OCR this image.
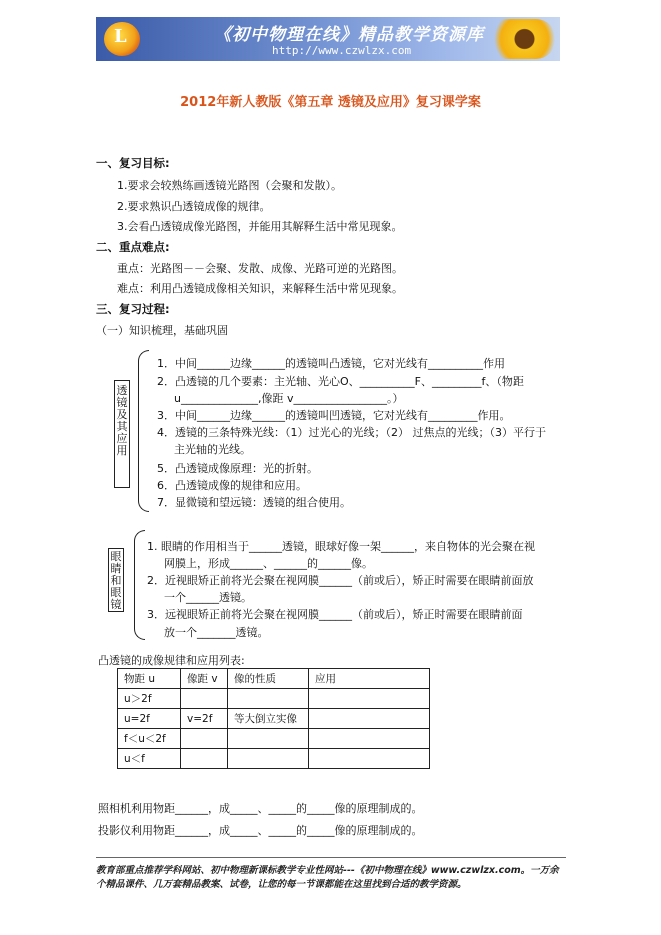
L	《初中物理在线》精品教学资源库
http://www.czwlzx.com
2012年新人教版《第五章 透镜及应用》复习课学案
一、复习目标:
1.要求会较熟练画透镜光路图（会聚和发散）。
2.要求熟识凸透镜成像的规律。
3.会看凸透镜成像光路图，并能用其解释生活中常见现象。
二、重点难点:
重点：光路图－－会聚、发散、成像、光路可逆的光路图。
难点：利用凸透镜成像相关知识，来解释生活中常见现象。
三、复习过程:
（一）知识梳理，基础巩固
透镜及其应用
1．中间______边缘______的透镜叫凸透镜，它对光线有__________作用
2．凸透镜的几个要素：主光轴、光心O、__________F、_________f、（物距
u______________,像距 v_________________。）
3．中间______边缘______的透镜叫凹透镜，它对光线有_________作用。
4．透镜的三条特殊光线：（1）过光心的光线；（2） 过焦点的光线；（3）平行于
主光轴的光线。
5．凸透镜成像原理：光的折射。
6．凸透镜成像的规律和应用。
7．显微镜和望远镜：透镜的组合使用。
眼睛和眼镜
1. 眼睛的作用相当于______透镜，眼球好像一架______，来自物体的光会聚在视
网膜上，形成______、______的______像。
2．近视眼矫正前将光会聚在视网膜______（前或后），矫正时需要在眼睛前面放
一个______透镜。
3．远视眼矫正前将光会聚在视网膜______（前或后），矫正时需要在眼睛前面
放一个_______透镜。
凸透镜的成像规律和应用列表:
物距 u	像距 v	像的性质	应用
u＞2f			
u=2f	v=2f	等大倒立实像	
f＜u＜2f			
u＜f			
照相机利用物距______，成_____、_____的_____像的原理制成的。
投影仪利用物距______，成_____、_____的_____像的原理制成的。
教育部重点推荐学科网站、初中物理新课标教学专业性网站---《初中物理在线》www.czwlzx.com。一万余
个精品课件、几万套精品教案、试卷，让您的每一节课都能在这里找到合适的教学资源。
